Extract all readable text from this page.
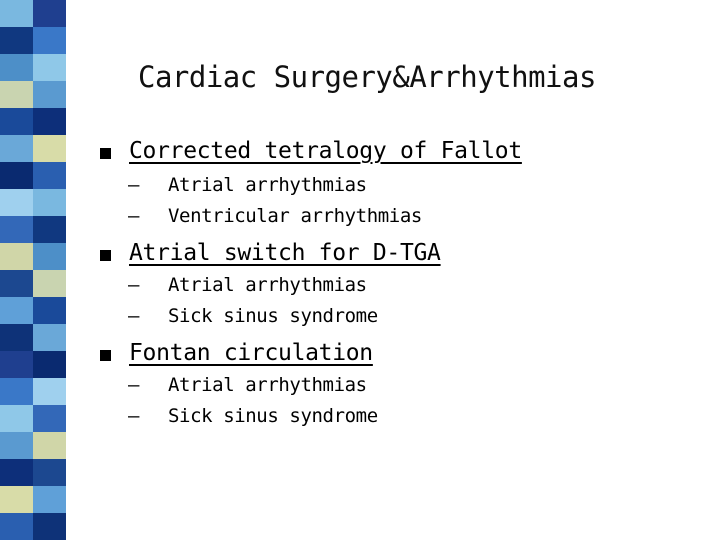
Cardiac Surgery&Arrhythmias
Corrected tetralogy of Fallot
– Atrial arrhythmias
– Ventricular arrhythmias
Atrial switch for D-TGA
– Atrial arrhythmias
– Sick sinus syndrome
Fontan circulation
– Atrial arrhythmias
– Sick sinus syndrome
